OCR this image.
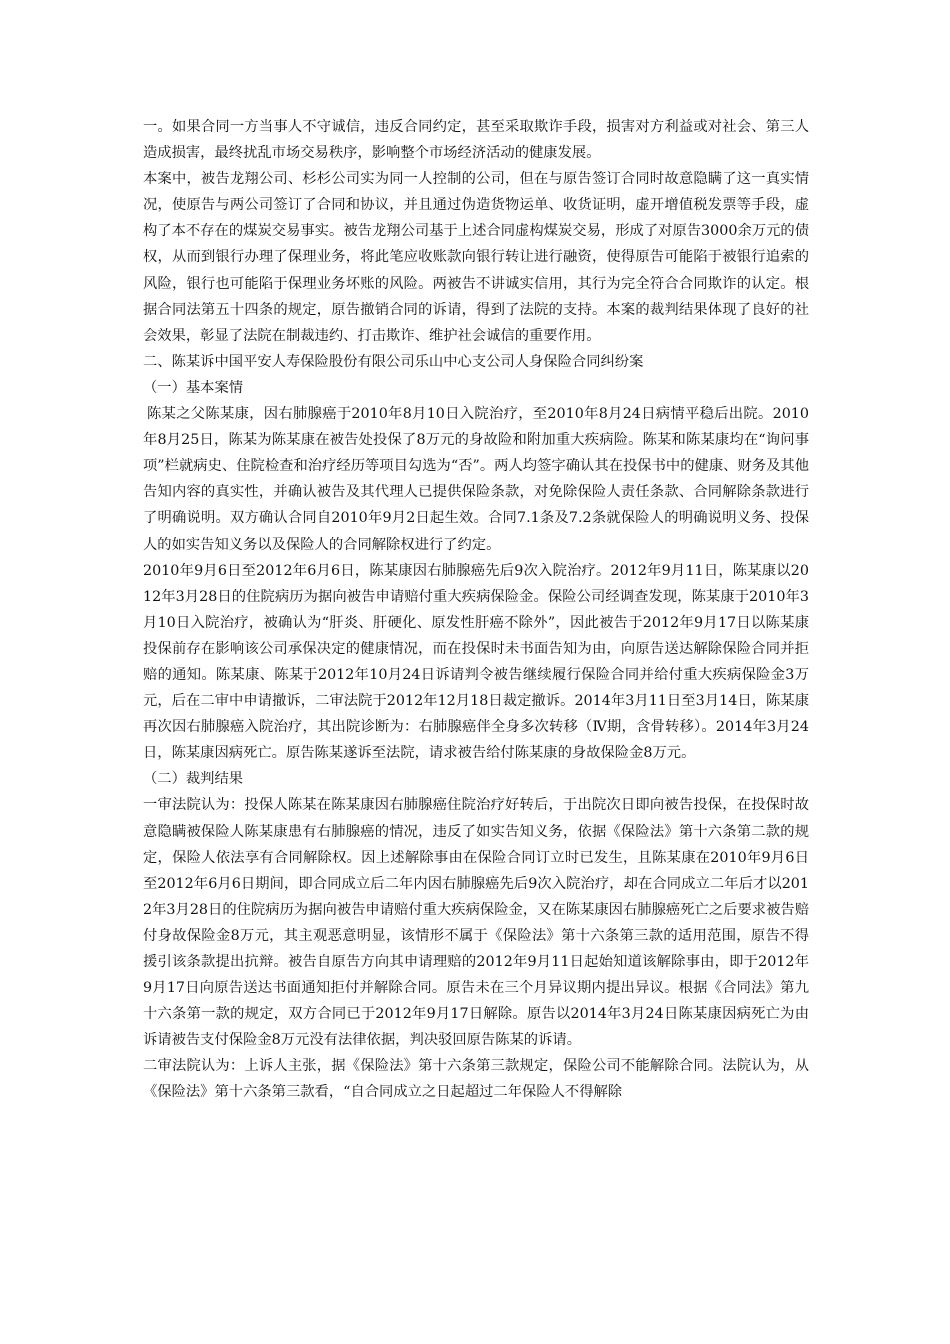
一。如果合同一方当事人不守诚信，违反合同约定，甚至采取欺诈手段，损害对方利益或对社会、第三人造成损害，最终扰乱市场交易秩序，影响整个市场经济活动的健康发展。

本案中，被告龙翔公司、杉杉公司实为同一人控制的公司，但在与原告签订合同时故意隐瞒了这一真实情况，使原告与两公司签订了合同和协议，并且通过伪造货物运单、收货证明，虚开增值税发票等手段，虚构了本不存在的煤炭交易事实。被告龙翔公司基于上述合同虚构煤炭交易，形成了对原告3000余万元的债权，从而到银行办理了保理业务，将此笔应收账款向银行转让进行融资，使得原告可能陷于被银行追索的风险，银行也可能陷于保理业务坏账的风险。两被告不讲诚实信用，其行为完全符合合同欺诈的认定。根据合同法第五十四条的规定，原告撤销合同的诉请，得到了法院的支持。本案的裁判结果体现了良好的社会效果，彰显了法院在制裁违约、打击欺诈、维护社会诚信的重要作用。

二、陈某诉中国平安人寿保险股份有限公司乐山中心支公司人身保险合同纠纷案

（一）基本案情

陈某之父陈某康，因右肺腺癌于2010年8月10日入院治疗，至2010年8月24日病情平稳后出院。2010年8月25日，陈某为陈某康在被告处投保了8万元的身故险和附加重大疾病险。陈某和陈某康均在“询问事项”栏就病史、住院检查和治疗经历等项目勾选为“否”。两人均签字确认其在投保书中的健康、财务及其他告知内容的真实性，并确认被告及其代理人已提供保险条款，对免除保险人责任条款、合同解除条款进行了明确说明。双方确认合同自2010年9月2日起生效。合同7.1条及7.2条就保险人的明确说明义务、投保人的如实告知义务以及保险人的合同解除权进行了约定。

2010年9月6日至2012年6月6日，陈某康因右肺腺癌先后9次入院治疗。2012年9月11日，陈某康以2012年3月28日的住院病历为据向被告申请赔付重大疾病保险金。保险公司经调查发现，陈某康于2010年3月10日入院治疗，被确认为“肝炎、肝硬化、原发性肝癌不除外”，因此被告于2012年9月17日以陈某康投保前存在影响该公司承保决定的健康情况，而在投保时未书面告知为由，向原告送达解除保险合同并拒赔的通知。陈某康、陈某于2012年10月24日诉请判令被告继续履行保险合同并给付重大疾病保险金3万元，后在二审中申请撤诉，二审法院于2012年12月18日裁定撤诉。2014年3月11日至3月14日，陈某康再次因右肺腺癌入院治疗，其出院诊断为：右肺腺癌伴全身多次转移（Ⅳ期，含骨转移）。2014年3月24日，陈某康因病死亡。原告陈某遂诉至法院，请求被告给付陈某康的身故保险金8万元。

（二）裁判结果

一审法院认为：投保人陈某在陈某康因右肺腺癌住院治疗好转后，于出院次日即向被告投保，在投保时故意隐瞒被保险人陈某康患有右肺腺癌的情况，违反了如实告知义务，依据《保险法》第十六条第二款的规定，保险人依法享有合同解除权。因上述解除事由在保险合同订立时已发生，且陈某康在2010年9月6日至2012年6月6日期间，即合同成立后二年内因右肺腺癌先后9次入院治疗，却在合同成立二年后才以2012年3月28日的住院病历为据向被告申请赔付重大疾病保险金，又在陈某康因右肺腺癌死亡之后要求被告赔付身故保险金8万元，其主观恶意明显，该情形不属于《保险法》第十六条第三款的适用范围，原告不得援引该条款提出抗辩。被告自原告方向其申请理赔的2012年9月11日起始知道该解除事由，即于2012年9月17日向原告送达书面通知拒付并解除合同。原告未在三个月异议期内提出异议。根据《合同法》第九十六条第一款的规定，双方合同已于2012年9月17日解除。原告以2014年3月24日陈某康因病死亡为由诉请被告支付保险金8万元没有法律依据，判决驳回原告陈某的诉请。

二审法院认为：上诉人主张，据《保险法》第十六条第三款规定，保险公司不能解除合同。法院认为，从《保险法》第十六条第三款看，“自合同成立之日起超过二年保险人不得解除
